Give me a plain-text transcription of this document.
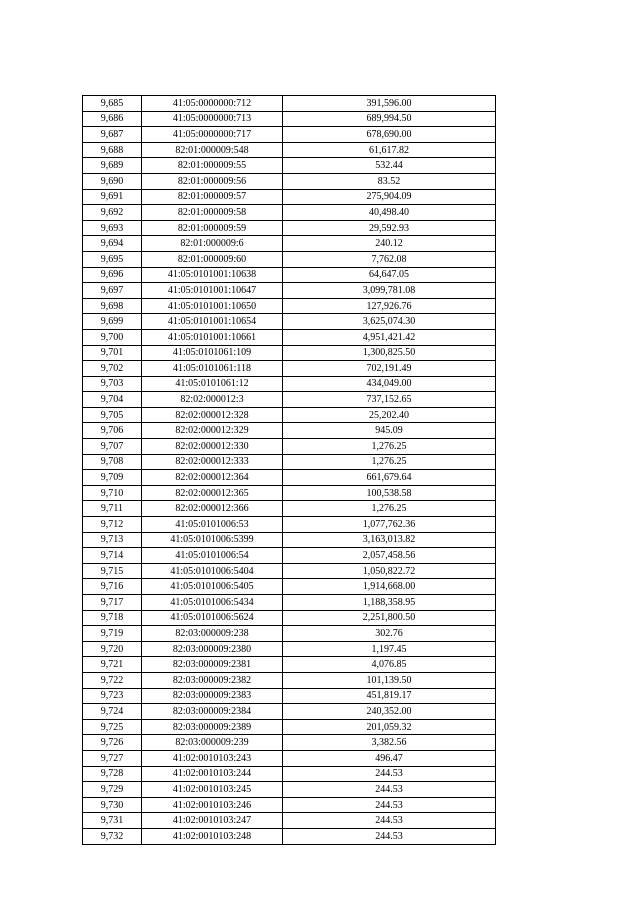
9,685	41:05:0000000:712	391,596.00
9,686	41:05:0000000:713	689,994.50
9,687	41:05:0000000:717	678,690.00
9,688	82:01:000009:548	61,617.82
9,689	82:01:000009:55	532.44
9,690	82:01:000009:56	83.52
9,691	82:01:000009:57	275,904.09
9,692	82:01:000009:58	40,498.40
9,693	82:01:000009:59	29,592.93
9,694	82:01:000009:6	240.12
9,695	82:01:000009:60	7,762.08
9,696	41:05:0101001:10638	64,647.05
9,697	41:05:0101001:10647	3,099,781.08
9,698	41:05:0101001:10650	127,926.76
9,699	41:05:0101001:10654	3,625,074.30
9,700	41:05:0101001:10661	4,951,421.42
9,701	41:05:0101061:109	1,300,825.50
9,702	41:05:0101061:118	702,191.49
9,703	41:05:0101061:12	434,049.00
9,704	82:02:000012:3	737,152.65
9,705	82:02:000012:328	25,202.40
9,706	82:02:000012:329	945.09
9,707	82:02:000012:330	1,276.25
9,708	82:02:000012:333	1,276.25
9,709	82:02:000012:364	661,679.64
9,710	82:02:000012:365	100,538.58
9,711	82:02:000012:366	1,276.25
9,712	41:05:0101006:53	1,077,762.36
9,713	41:05:0101006:5399	3,163,013.82
9,714	41:05:0101006:54	2,057,458.56
9,715	41:05:0101006:5404	1,050,822.72
9,716	41:05:0101006:5405	1,914,668.00
9,717	41:05:0101006:5434	1,188,358.95
9,718	41:05:0101006:5624	2,251,800.50
9,719	82:03:000009:238	302.76
9,720	82:03:000009:2380	1,197.45
9,721	82:03:000009:2381	4,076.85
9,722	82:03:000009:2382	101,139.50
9,723	82:03:000009:2383	451,819.17
9,724	82:03:000009:2384	240,352.00
9,725	82:03:000009:2389	201,059.32
9,726	82:03:000009:239	3,382.56
9,727	41:02:0010103:243	496.47
9,728	41:02:0010103:244	244.53
9,729	41:02:0010103:245	244.53
9,730	41:02:0010103:246	244.53
9,731	41:02:0010103:247	244.53
9,732	41:02:0010103:248	244.53
